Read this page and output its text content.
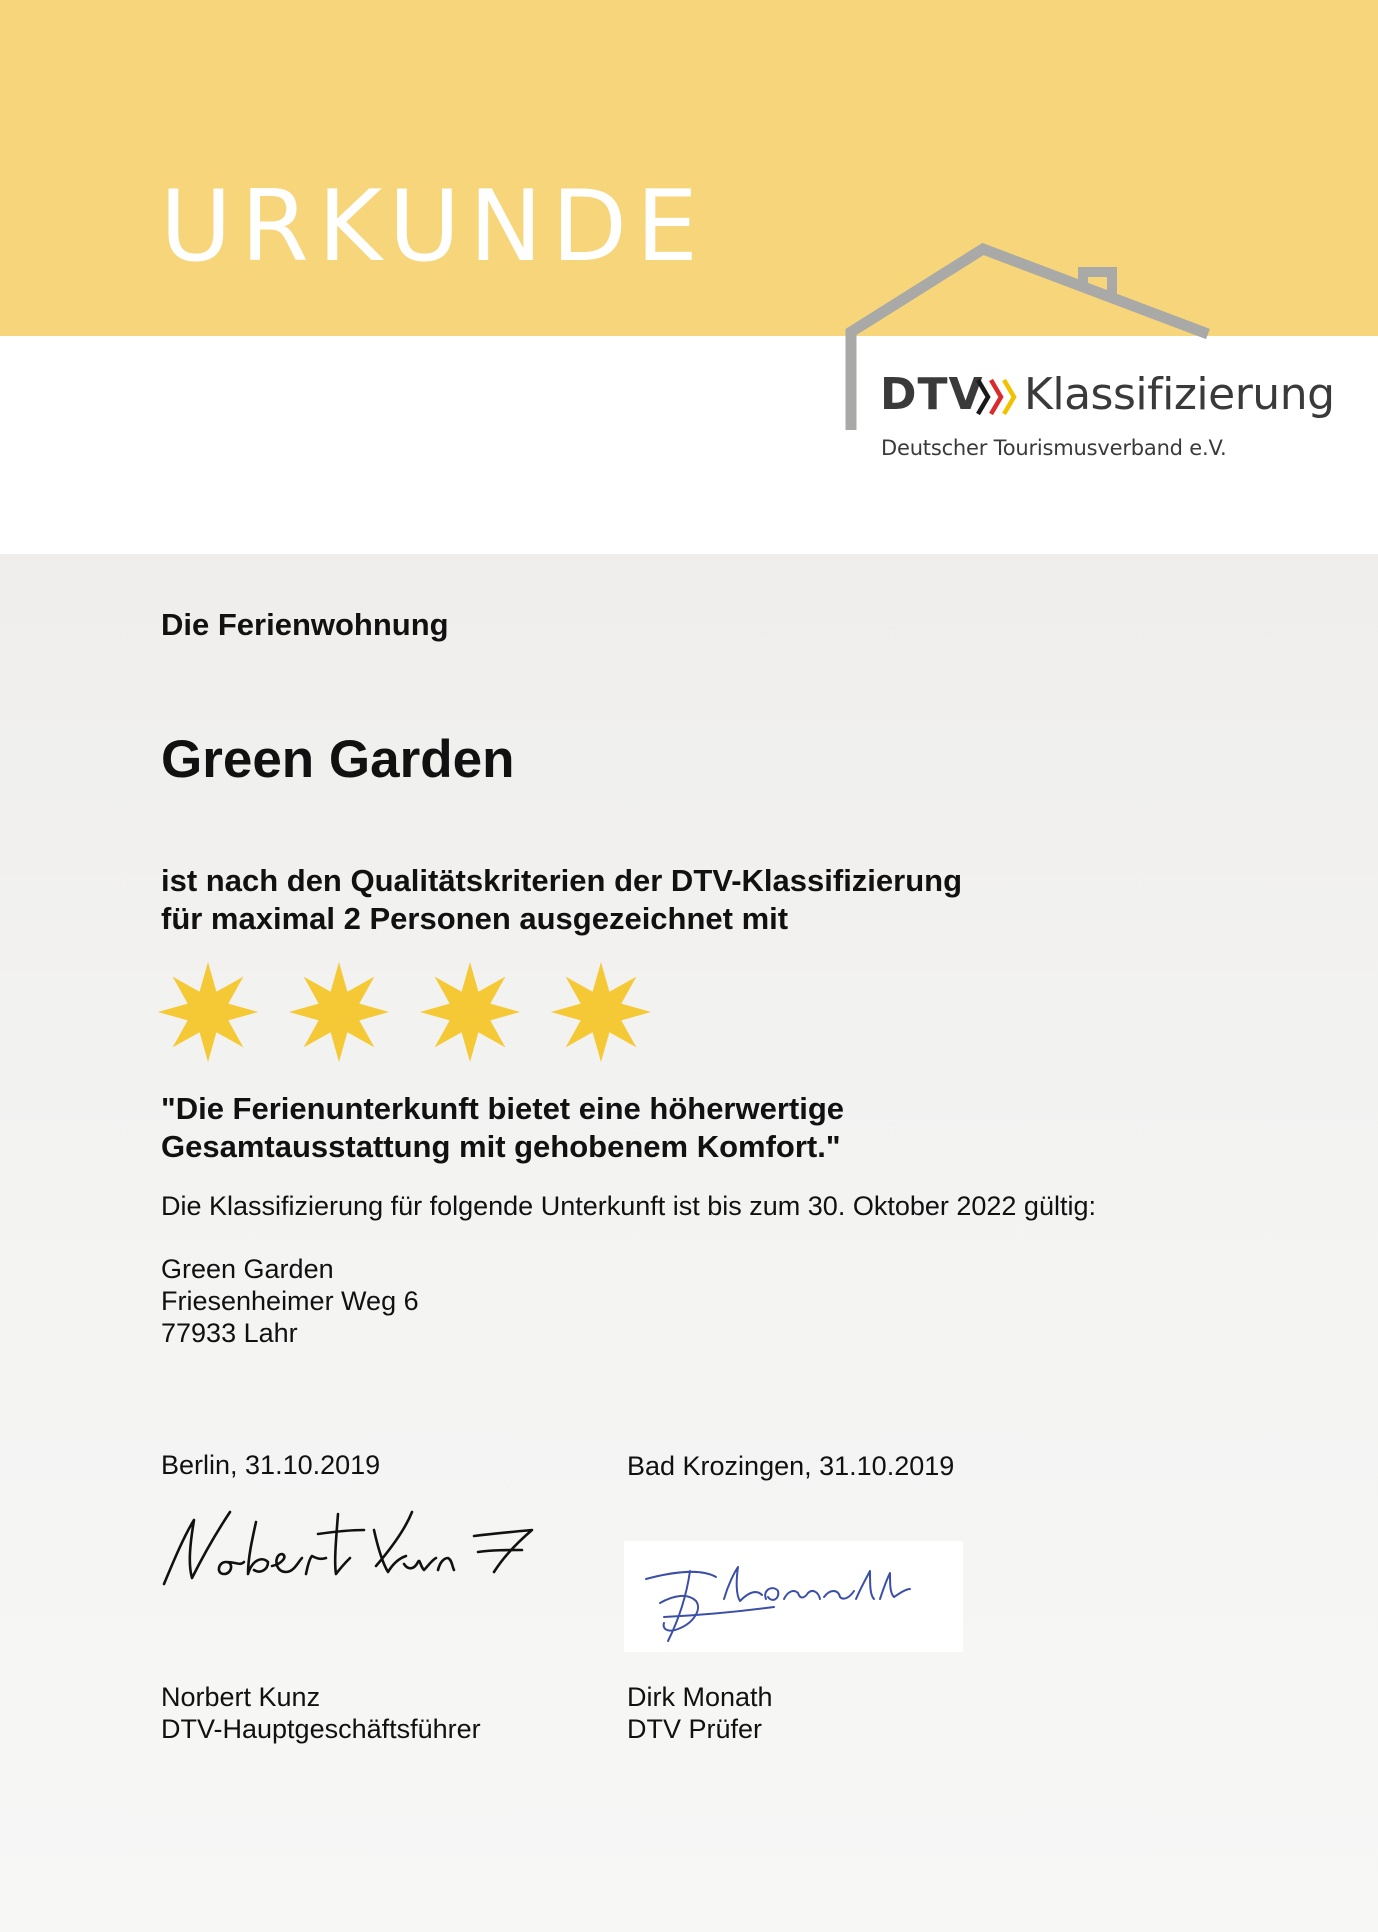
URKUNDE
DTV Klassifizierung
Deutscher Tourismusverband e.V.
Die Ferienwohnung
Green Garden
ist nach den Qualitätskriterien der DTV-Klassifizierung
für maximal 2 Personen ausgezeichnet mit
"Die Ferienunterkunft bietet eine höherwertige
Gesamtausstattung mit gehobenem Komfort."
Die Klassifizierung für folgende Unterkunft ist bis zum 30. Oktober 2022 gültig:
Green Garden
Friesenheimer Weg 6
77933 Lahr
Berlin, 31.10.2019	Bad Krozingen, 31.10.2019
Norbert Kunz
DTV-Hauptgeschäftsführer
Dirk Monath
DTV Prüfer
